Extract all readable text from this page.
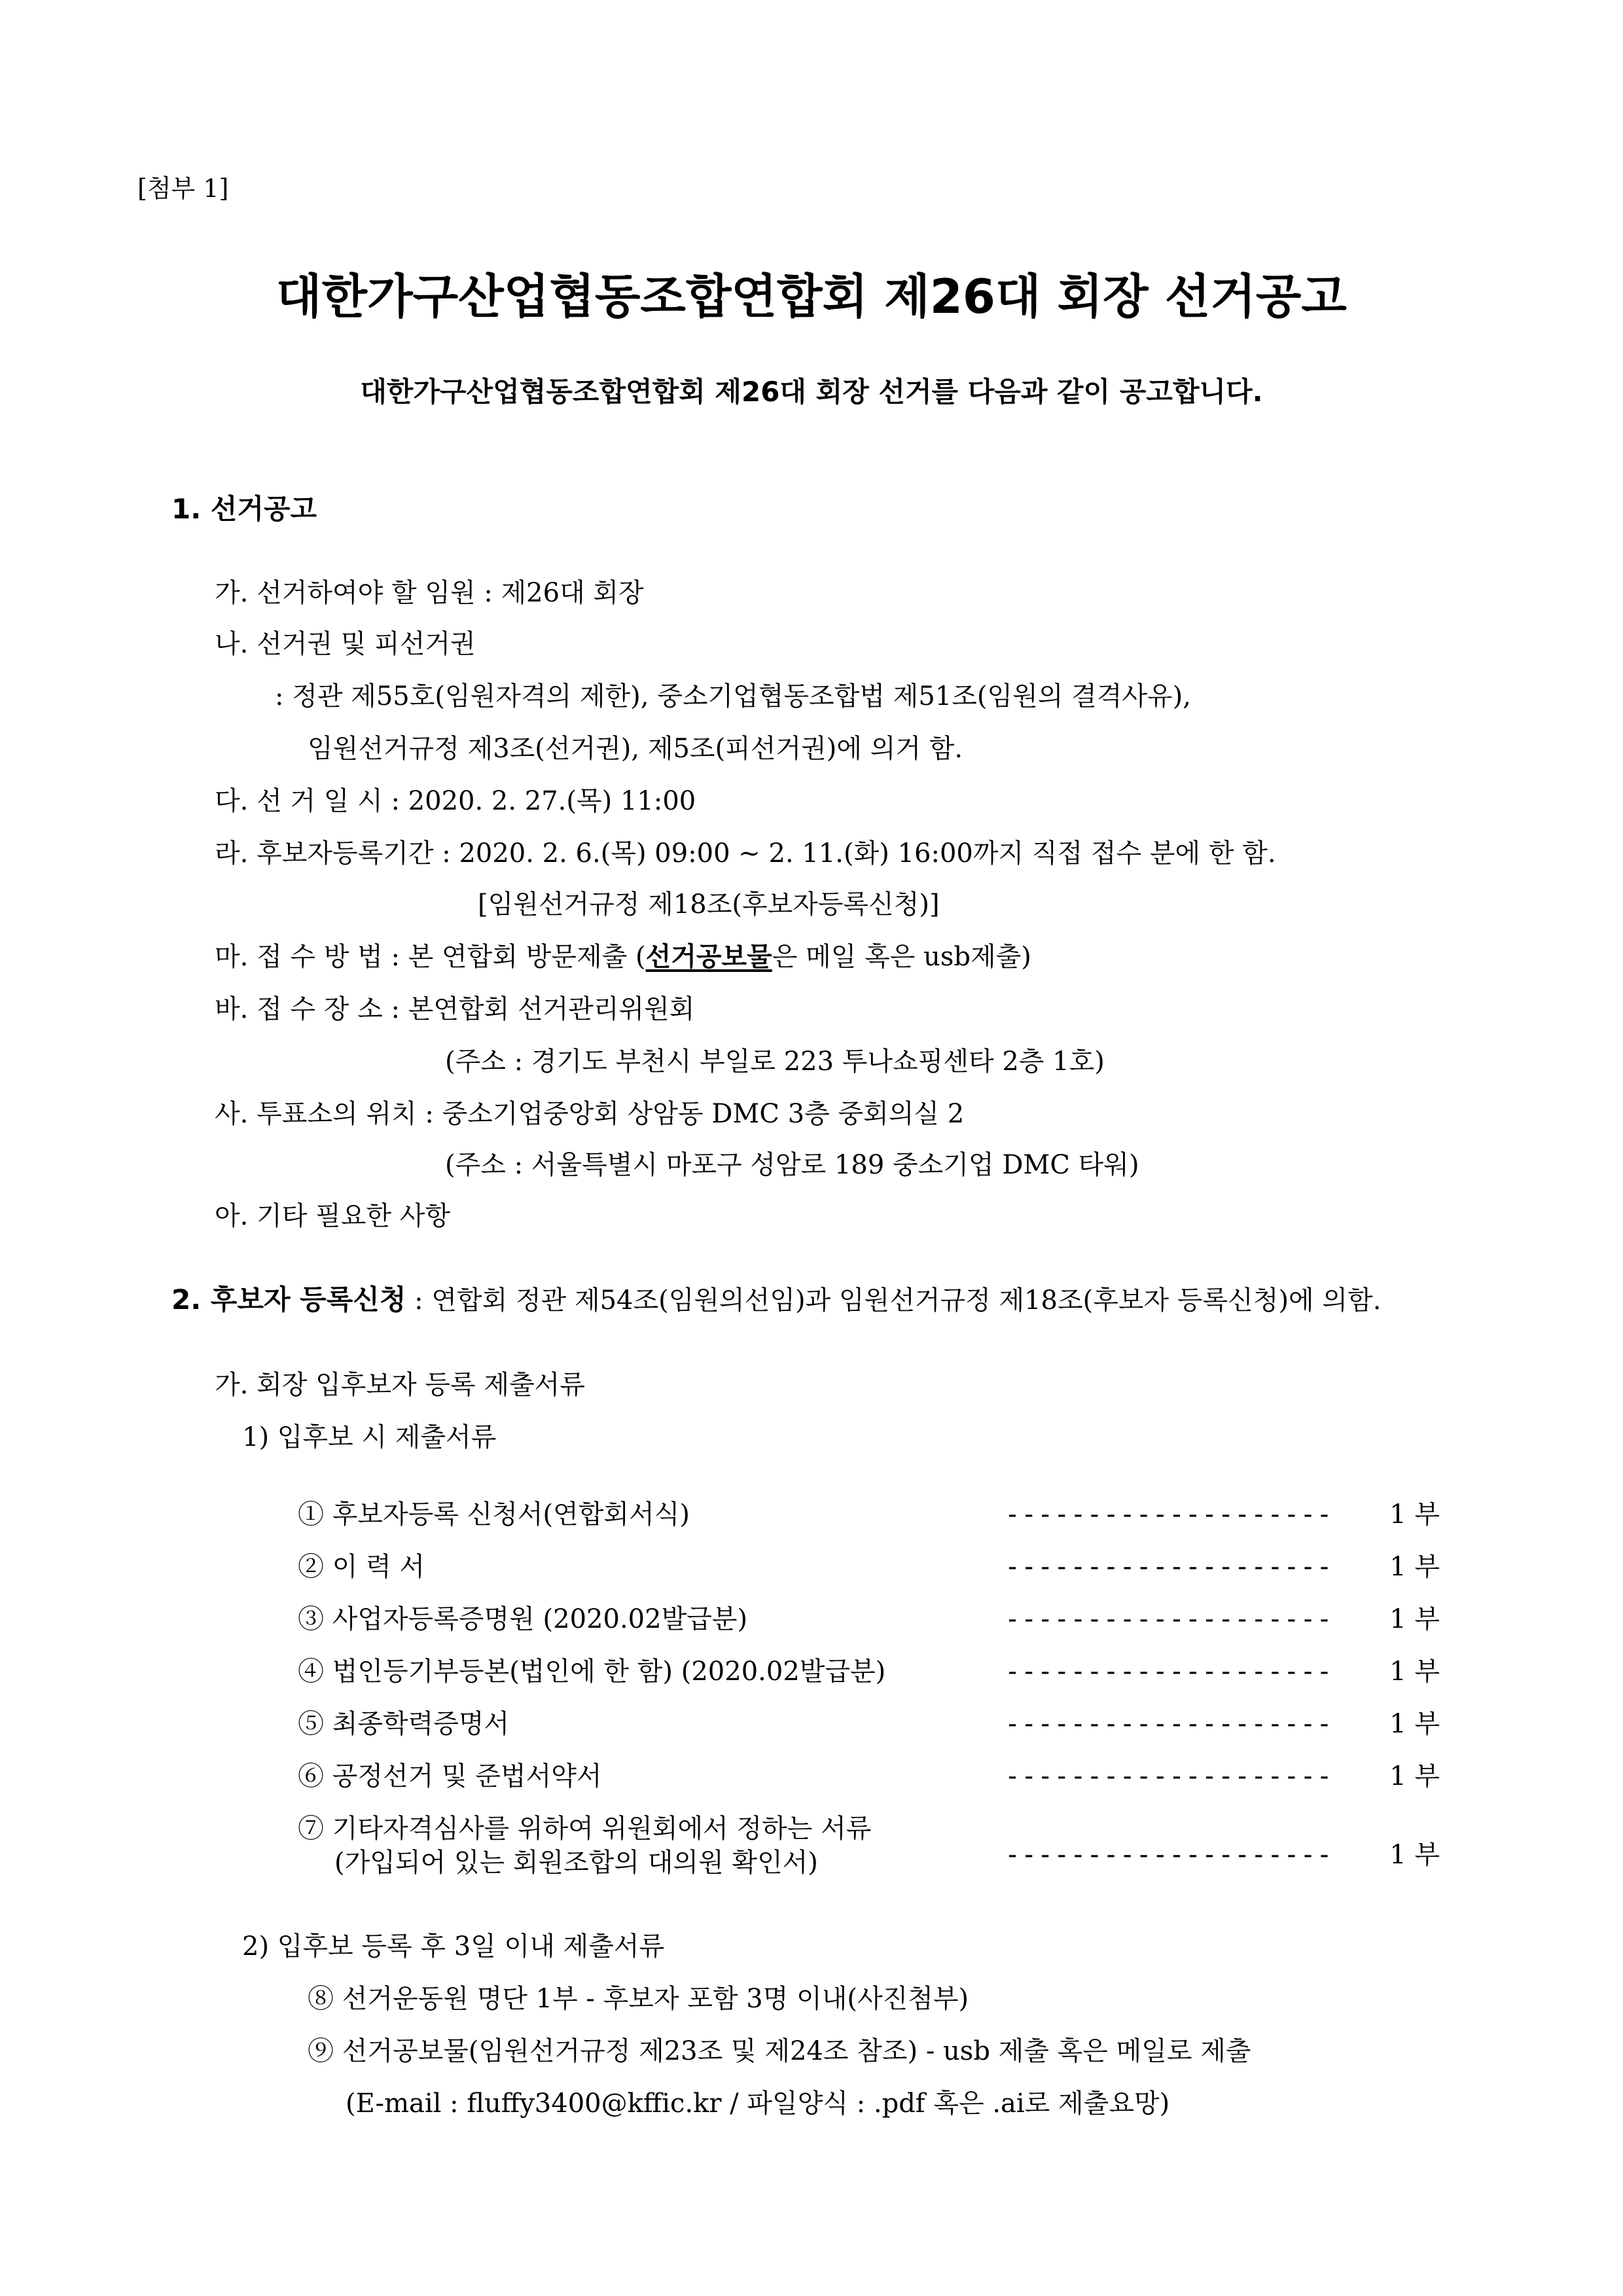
[첨부 1]
대한가구산업협동조합연합회 제26대 회장 선거공고
대한가구산업협동조합연합회 제26대 회장 선거를 다음과 같이 공고합니다.
1. 선거공고
가. 선거하여야 할 임원 : 제26대 회장
나. 선거권 및 피선거권
: 정관 제55호(임원자격의 제한), 중소기업협동조합법 제51조(임원의 결격사유),
임원선거규정 제3조(선거권), 제5조(피선거권)에 의거 함.
다. 선 거 일 시 : 2020. 2. 27.(목) 11:00
라. 후보자등록기간 : 2020. 2. 6.(목) 09:00 ~ 2. 11.(화) 16:00까지 직접 접수 분에 한 함.
[임원선거규정 제18조(후보자등록신청)]
마. 접 수 방 법 : 본 연합회 방문제출 (선거공보물은 메일 혹은 usb제출)
바. 접 수 장 소 : 본연합회 선거관리위원회
(주소 : 경기도 부천시 부일로 223 투나쇼핑센타 2층 1호)
사. 투표소의 위치 : 중소기업중앙회 상암동 DMC 3층 중회의실 2
(주소 : 서울특별시 마포구 성암로 189 중소기업 DMC 타워)
아. 기타 필요한 사항
2. 후보자 등록신청 : 연합회 정관 제54조(임원의선임)과 임원선거규정 제18조(후보자 등록신청)에 의함.
가. 회장 입후보자 등록 제출서류
1) 입후보 시 제출서류
① 후보자등록 신청서(연합회서식)	-------------------- 1 부
② 이 력 서	-------------------- 1 부
③ 사업자등록증명원 (2020.02발급분)	-------------------- 1 부
④ 법인등기부등본(법인에 한 함) (2020.02발급분)	-------------------- 1 부
⑤ 최종학력증명서	-------------------- 1 부
⑥ 공정선거 및 준법서약서	-------------------- 1 부
⑦ 기타자격심사를 위하여 위원회에서 정하는 서류
(가입되어 있는 회원조합의 대의원 확인서)	-------------------- 1 부
2) 입후보 등록 후 3일 이내 제출서류
⑧ 선거운동원 명단 1부 - 후보자 포함 3명 이내(사진첨부)
⑨ 선거공보물(임원선거규정 제23조 및 제24조 참조) - usb 제출 혹은 메일로 제출
(E-mail : fluffy3400@kffic.kr / 파일양식 : .pdf 혹은 .ai로 제출요망)
